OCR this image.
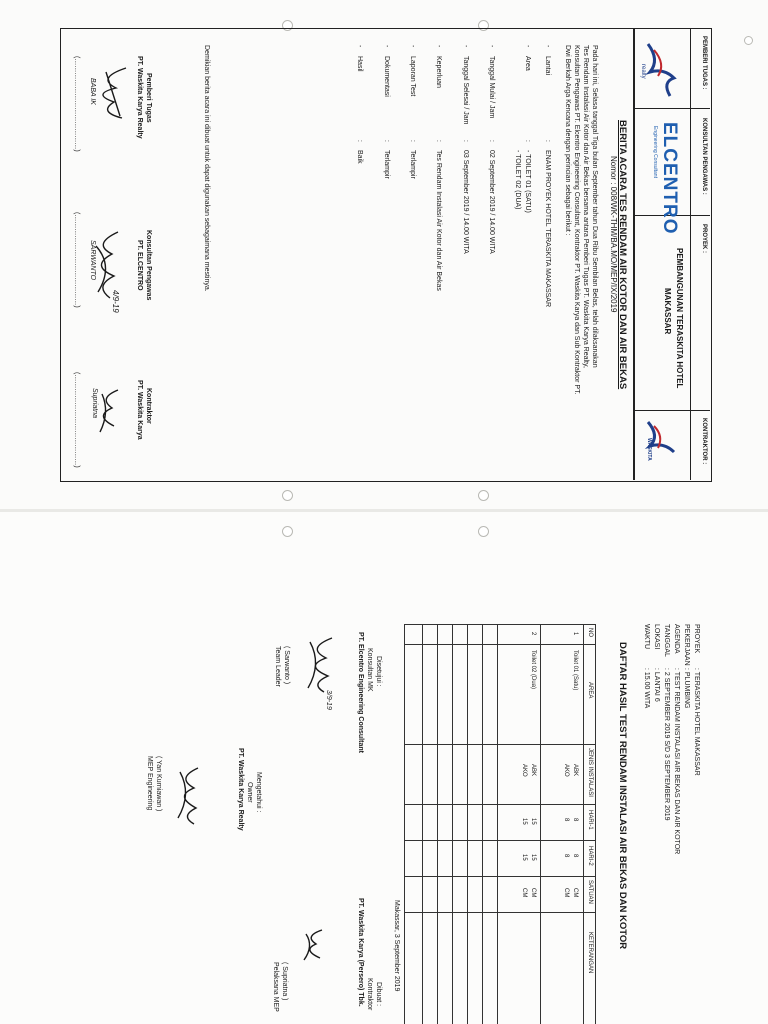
PEMBERI TUGAS :
KONSULTAN PENGAWAS :
PROYEK :
KONTRAKTOR :
realty
ELCENTRO
Engineering Consultant
PEMBANGUNAN TERASKITA HOTEL
MAKASSAR
WASKITA
BERITA ACARA TES RENDAM AIR KOTOR DAN AIR BEKAS
Nomor : 008/WK-THM/BA.MO/MEP/IX/2019
Pada hari ini, Selasa tanggal Tiga bulan September tahun Dua Ribu Sembilan Belas, telah dilaksanakan
Tes Rendam Instalasi Air Kotor dan Air Bekas bersama antara Pemberi Tugas PT. Waskita Karya Realty,
Konsultan Pengawas PT. Elcentro Engineering Consultant, Kontraktor PT. Waskita Karya dan Sub Kontraktor PT.
Dwi Berkah Arga Kencana dengan perincian sebagai berikut :
-
Lantai
:
ENAM PROYEK HOTEL TERASKITA MAKASSAR
-
Area
:
- TOILET 01 (SATU)
- TOILET 02 (DUA)
-
Tanggal Mulai / Jam
:
02 September 2019 / 14.00 WITA
-
Tanggal Selesai / Jam
:
03 September 2019 / 14.00 WITA
-
Keperluan
:
Tes Rendam Instalasi Air Kotor dan Air Bekas
-
Laporan Test
:
Terlampir
-
Dokumentasi
:
Terlampir
-
Hasil
:
Baik
Demikian berita acara ini dibuat untuk dapat digunakan sebagaimana mestinya.
Pemberi Tugas
PT. Waskita Karya Realty
(…………………………………) BABA IK
Konsultan Pengawas
PT. ELCENTRO
(…………………………………) SARWANTO
4/9-19
Kontraktor
PT. Waskita Karya
(…………………………………) Supriatna
PROYEK
: TERASKITA HOTEL MAKASSAR
PEKERJAAN
: PLUMBING
AGENDA
: TEST RENDAM INSTALASI AIR BEKAS DAN AIR KOTOR
TANGGAL
: 2 SEPTEMBER 2019 S/D 3 SEPTEMBER 2019
LOKASI
: LANTAI 6
WAKTU
: 15.00 WITA
DAFTAR HASIL TEST RENDAM INSTALASI AIR BEKAS DAN KOTOR
NO
AREA
JENIS INSTALASI
HARI-1
HARI-2
SATUAN
KETERANGAN
1
Toilet 01 (Satu)
ABK
AKO
8
8
8
8
CM
CM
2
Toilet 02 (Dua)
ABK
AKO
15
15
15
15
CM
CM
Makassar, 3 September 2019
Dibuat :
Kontraktor
PT. Waskita Karya (Persero) Tbk.
( Supriatna )
Pelaksana MEP
Mengetahui :
Owner
PT. Waskita Karya Realty
( Yan Kurniawan )
MEP Engineering
Disetujui :
Konsultan MK
PT. Elcentro Engineering Consultant
3/9-19
( Sarwanto )
Team Leader
